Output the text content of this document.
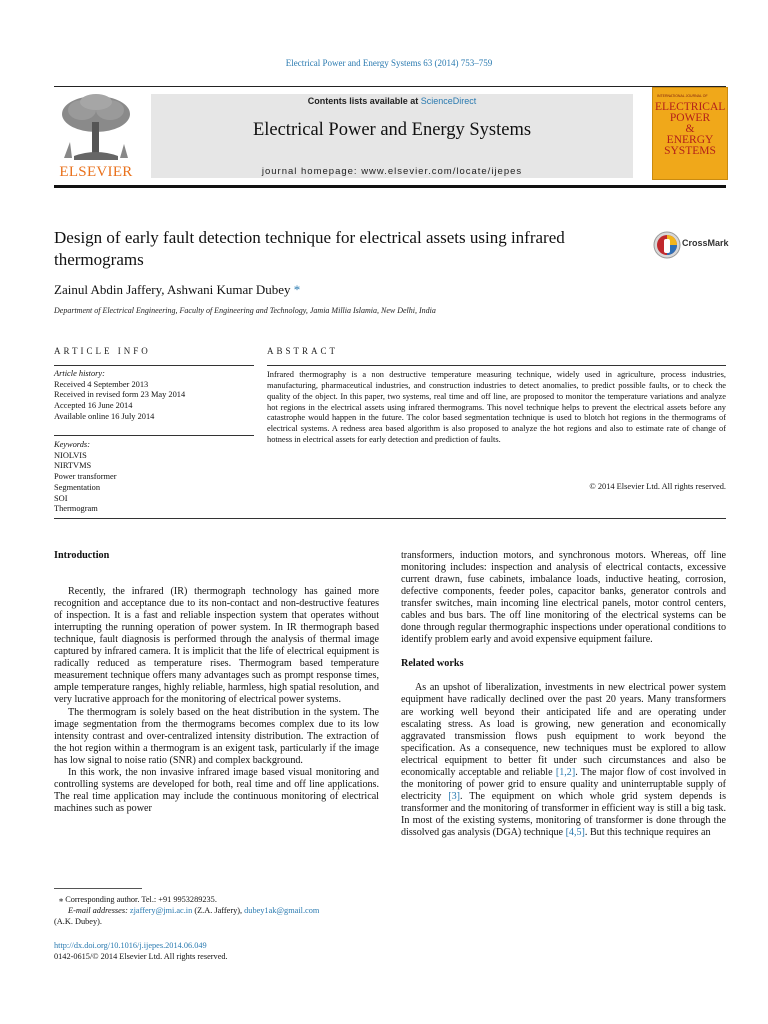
Electrical Power and Energy Systems 63 (2014) 753–759
ELSEVIER
Contents lists available at ScienceDirect
Electrical Power and Energy Systems
journal homepage: www.elsevier.com/locate/ijepes
INTERNATIONAL JOURNAL OF
ELECTRICAL
POWER
&
ENERGY
SYSTEMS
Design of early fault detection technique for electrical assets using infrared thermograms
CrossMark
Zainul Abdin Jaffery, Ashwani Kumar Dubey *
Department of Electrical Engineering, Faculty of Engineering and Technology, Jamia Millia Islamia, New Delhi, India
ARTICLE INFO	ABSTRACT
Article history:
Received 4 September 2013
Received in revised form 23 May 2014
Accepted 16 June 2014
Available online 16 July 2014
Keywords:
NIOLVIS
NIRTVMS
Power transformer
Segmentation
SOI
Thermogram
Infrared thermography is a non destructive temperature measuring technique, widely used in agriculture, process industries, manufacturing, pharmaceutical industries, and construction industries to detect anomalies, to predict possible faults, or to check the quality of the object. In this paper, two systems, real time and off line, are proposed to monitor the temperature variations and analyze hot regions in the electrical assets using infrared thermograms. This novel technique helps to prevent the electrical assets before any catastrophe would happen in the future. The color based segmentation technique is used to blotch hot regions in the thermograms of electrical systems. A redness area based algorithm is also proposed to analyze the hot regions and also to estimate rate of change of hotness in electrical assets for early detection and prediction of faults.
© 2014 Elsevier Ltd. All rights reserved.
Introduction

Recently, the infrared (IR) thermograph technology has gained more recognition and acceptance due to its non-contact and non-destructive features of inspection. It is a fast and reliable inspection system that operates without interrupting the running operation of power system. In IR thermograph based technique, fault diagnosis is performed through the analysis of thermal image captured by infrared camera. It is implicit that the life of electrical equipment is radically reduced as temperature rises. Thermogram based temperature measurement technique offers many advantages such as prompt response times, ample temperature ranges, highly reliable, harmless, high spatial resolution, and very lucrative approach for the monitoring of electrical power systems.

The thermogram is solely based on the heat distribution in the system. The image segmentation from the thermograms becomes complex due to its low intensity contrast and over-centralized intensity distribution. The extraction of the hot region within a thermogram is an exigent task, particularly if the image has low signal to noise ratio (SNR) and complex background.

In this work, the non invasive infrared image based visual monitoring and controlling systems are developed for both, real time and off line applications. The real time application may include the continuous monitoring of electrical machines such as power

transformers, induction motors, and synchronous motors. Whereas, off line monitoring includes: inspection and analysis of electrical contacts, excessive current drawn, fuse cabinets, imbalance loads, inductive heating, corrosion, defective components, feeder poles, capacitor banks, generator controls and transfer switches, main incoming line electrical panels, motor control centers, cables and bus bars. The off line monitoring of the electrical systems can be done through regular thermographic inspections under operational conditions to identify problem early and avoid expensive equipment failure.

Related works

As an upshot of liberalization, investments in new electrical power system equipment have radically declined over the past 20 years. Many transformers are working well beyond their anticipated life and are operating under escalating stress. As load is growing, new generation and economically aggravated transmission flows push equipment to work beyond the specification. As a consequence, new techniques must be explored to allow electrical equipment to better fit under such circumstances and also be economically acceptable and reliable [1,2]. The major flow of cost involved in the monitoring of power grid to ensure quality and uninterruptable supply of electricity [3]. The equipment on which whole grid system depends is transformer and the monitoring of transformer in efficient way is still a big task. In most of the existing systems, monitoring of transformer is done through the dissolved gas analysis (DGA) technique [4,5]. But this technique requires an

⁎ Corresponding author. Tel.: +91 9953289235.
E-mail addresses: zjaffery@jmi.ac.in (Z.A. Jaffery), dubey1ak@gmail.com
(A.K. Dubey).
http://dx.doi.org/10.1016/j.ijepes.2014.06.049
0142-0615/© 2014 Elsevier Ltd. All rights reserved.
